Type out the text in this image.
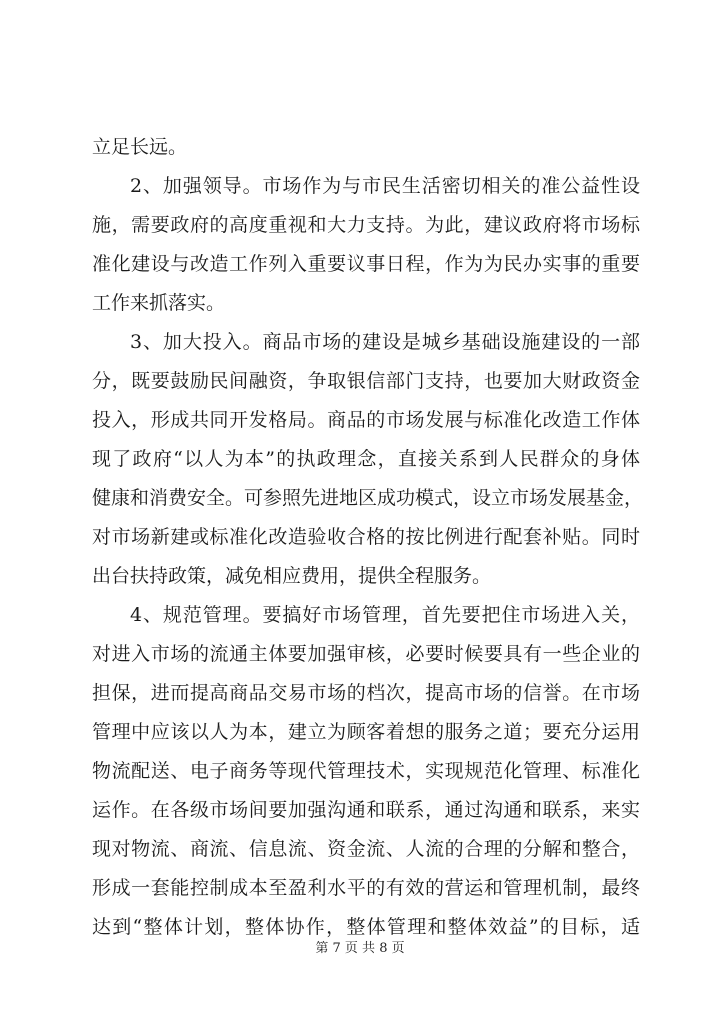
立足长远。
2、加强领导。市场作为与市民生活密切相关的准公益性设
施，需要政府的高度重视和大力支持。为此，建议政府将市场标
准化建设与改造工作列入重要议事日程，作为为民办实事的重要
工作来抓落实。
3、加大投入。商品市场的建设是城乡基础设施建设的一部
分，既要鼓励民间融资，争取银信部门支持，也要加大财政资金
投入，形成共同开发格局。商品的市场发展与标准化改造工作体
现了政府“以人为本”的执政理念，直接关系到人民群众的身体
健康和消费安全。可参照先进地区成功模式，设立市场发展基金，
对市场新建或标准化改造验收合格的按比例进行配套补贴。同时
出台扶持政策，减免相应费用，提供全程服务。
4、规范管理。要搞好市场管理，首先要把住市场进入关，
对进入市场的流通主体要加强审核，必要时候要具有一些企业的
担保，进而提高商品交易市场的档次，提高市场的信誉。在市场
管理中应该以人为本，建立为顾客着想的服务之道；要充分运用
物流配送、电子商务等现代管理技术，实现规范化管理、标准化
运作。在各级市场间要加强沟通和联系，通过沟通和联系，来实
现对物流、商流、信息流、资金流、人流的合理的分解和整合，
形成一套能控制成本至盈利水平的有效的营运和管理机制，最终
达到“整体计划，整体协作，整体管理和整体效益”的目标，适
第 7 页 共 8 页
